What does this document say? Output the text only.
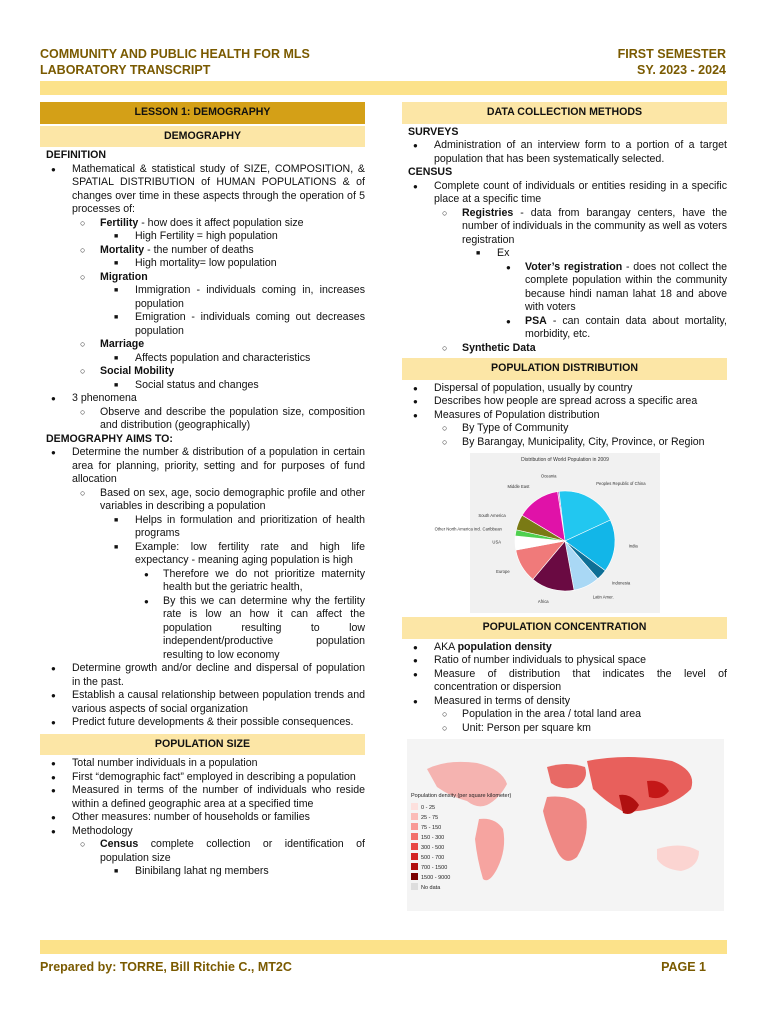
COMMUNITY AND PUBLIC HEALTH FOR MLS
LABORATORY TRANSCRIPT
FIRST SEMESTER
SY. 2023 - 2024
LESSON 1: DEMOGRAPHY
DEMOGRAPHY
DEFINITION
● Mathematical & statistical study of SIZE, COMPOSITION, & SPATIAL DISTRIBUTION of HUMAN POPULATIONS & of changes over time in these aspects through the operation of 5 processes of:
○ Fertility - how does it affect population size
■ High Fertility = high population
○ Mortality - the number of deaths
■ High mortality= low population
○ Migration
■ Immigration - individuals coming in, increases population
■ Emigration - individuals coming out decreases population
○ Marriage
■ Affects population and characteristics
○ Social Mobility
■ Social status and changes
● 3 phenomena
○ Observe and describe the population size, composition and distribution (geographically)
DEMOGRAPHY AIMS TO:
● Determine the number & distribution of a population in certain area for planning, priority, setting and for purposes of fund allocation
○ Based on sex, age, socio demographic profile and other variables in describing a population
■ Helps in formulation and prioritization of health programs
■ Example: low fertility rate and high life expectancy - meaning aging population is high
● Therefore we do not prioritize maternity health but the geriatric health,
● By this we can determine why the fertility rate is low an how it can affect the population resulting to low independent/productive population resulting to low economy
● Determine growth and/or decline and dispersal of population in the past.
● Establish a causal relationship between population trends and various aspects of social organization
● Predict future developments & their possible consequences.
POPULATION SIZE
● Total number individuals in a population
● First “demographic fact” employed in describing a population
● Measured in terms of the number of individuals who reside within a defined geographic area at a specified time
● Other measures: number of households or families
● Methodology
○ Census complete collection or identification of population size
■ Binibilang lahat ng members
DATA COLLECTION METHODS
SURVEYS
● Administration of an interview form to a portion of a target population that has been systematically selected.
CENSUS
● Complete count of individuals or entities residing in a specific place at a specific time
○ Registries - data from barangay centers, have the number of individuals in the community as well as voters registration
■ Ex
● Voter’s registration - does not collect the complete population within the community because hindi naman lahat 18 and above with voters
● PSA - can contain data about mortality, morbidity, etc.
○ Synthetic Data
POPULATION DISTRIBUTION
● Dispersal of population, usually by country
● Describes how people are spread across a specific area
● Measures of Population distribution
○ By Type of Community
○ By Barangay, Municipality, City, Province, or Region
Distribution of World Population in 2009
Oceania
Peoples Republic of China
India
Indonesia
Latin Amer.
Africa
Europe
USA
Other North America incl. Caribbean
South America
Middle East
POPULATION CONCENTRATION
● AKA population density
● Ratio of number individuals to physical space
● Measure of distribution that indicates the level of concentration or dispersion
● Measured in terms of density
○ Population in the area / total land area
○ Unit: Person per square km
Population density (per square kilometer)
0 - 25
25 - 75
75 - 150
150 - 300
300 - 500
500 - 700
700 - 1500
1500 - 9000
No data
Prepared by: TORRE, Bill Ritchie C., MT2C	PAGE 1
